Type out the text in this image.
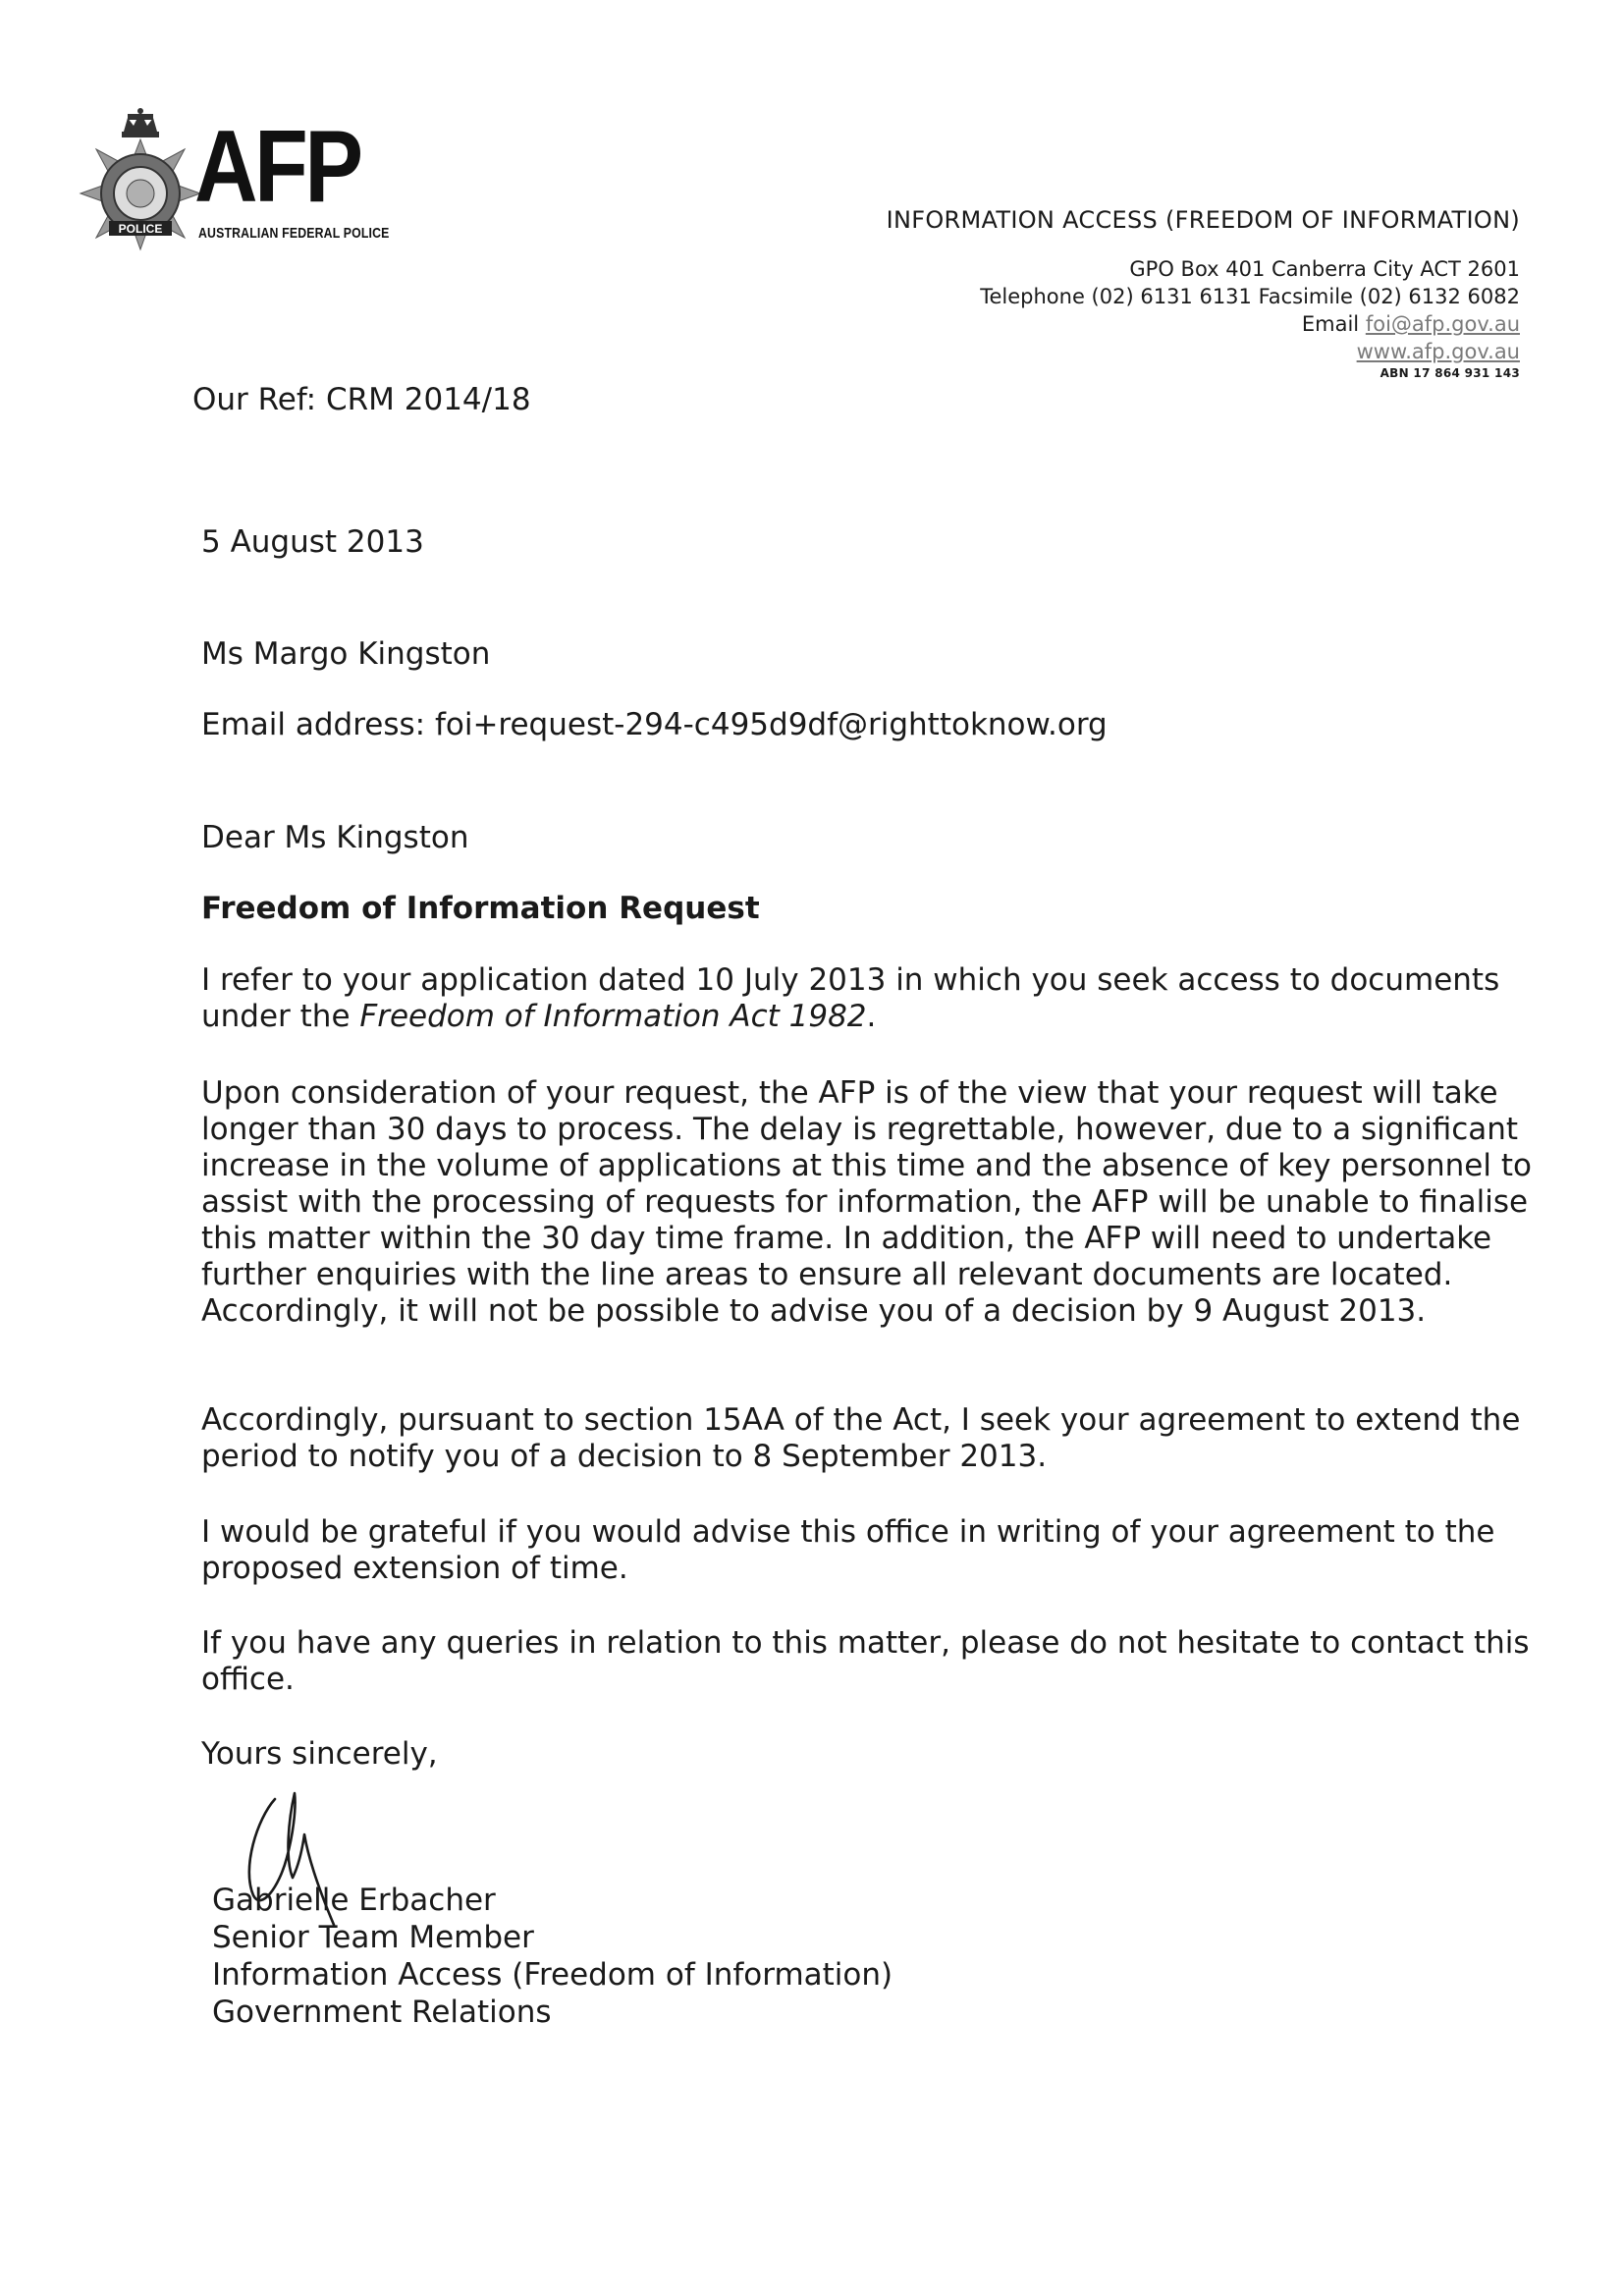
POLICE
AFP
AUSTRALIAN FEDERAL POLICE	INFORMATION ACCESS (FREEDOM OF INFORMATION)
GPO Box 401 Canberra City ACT 2601
Telephone (02) 6131 6131 Facsimile (02) 6132 6082
Email foi@afp.gov.au
www.afp.gov.au
ABN 17 864 931 143
Our Ref: CRM 2014/18
5 August 2013
Ms Margo Kingston
Email address: foi+request-294-c495d9df@righttoknow.org
Dear Ms Kingston
Freedom of Information Request
I refer to your application dated 10 July 2013 in which you seek access to documents under the Freedom of Information Act 1982.
Upon consideration of your request, the AFP is of the view that your request will take longer than 30 days to process. The delay is regrettable, however, due to a significant increase in the volume of applications at this time and the absence of key personnel to assist with the processing of requests for information, the AFP will be unable to finalise this matter within the 30 day time frame. In addition, the AFP will need to undertake further enquiries with the line areas to ensure all relevant documents are located. Accordingly, it will not be possible to advise you of a decision by 9 August 2013.
Accordingly, pursuant to section 15AA of the Act, I seek your agreement to extend the period to notify you of a decision to 8 September 2013.
I would be grateful if you would advise this office in writing of your agreement to the proposed extension of time.
If you have any queries in relation to this matter, please do not hesitate to contact this office.
Yours sincerely,
Gabrielle Erbacher
Senior Team Member
Information Access (Freedom of Information)
Government Relations
